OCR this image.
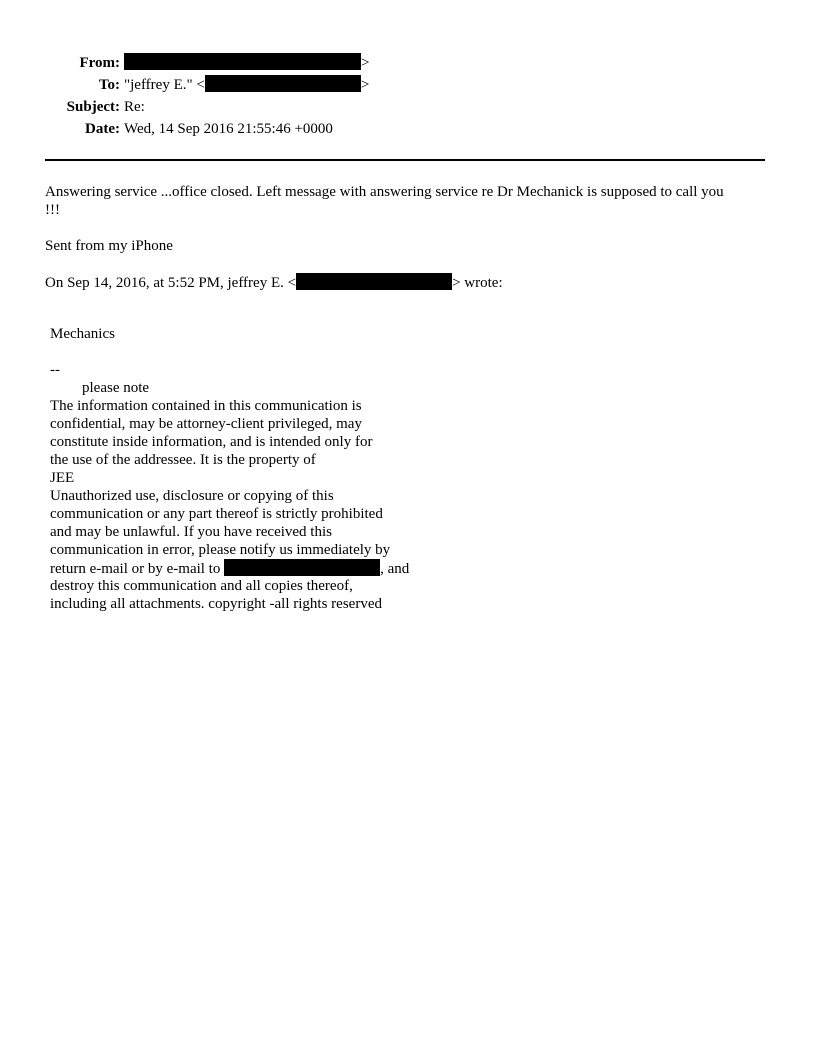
From:	>
To: "jeffrey E." <	>
Subject: Re:
Date: Wed, 14 Sep 2016 21:55:46 +0000
Answering service ...office closed. Left message with answering service re Dr Mechanick is supposed to call you
!!!
Sent from my iPhone
On Sep 14, 2016, at 5:52 PM, jeffrey E. <	> wrote:
Mechanics
--
please note
The information contained in this communication is
confidential, may be attorney-client privileged, may
constitute inside information, and is intended only for
the use of the addressee. It is the property of
JEE
Unauthorized use, disclosure or copying of this
communication or any part thereof is strictly prohibited
and may be unlawful. If you have received this
communication in error, please notify us immediately by
return e-mail or by e-mail to	, and
destroy this communication and all copies thereof,
including all attachments. copyright -all rights reserved
